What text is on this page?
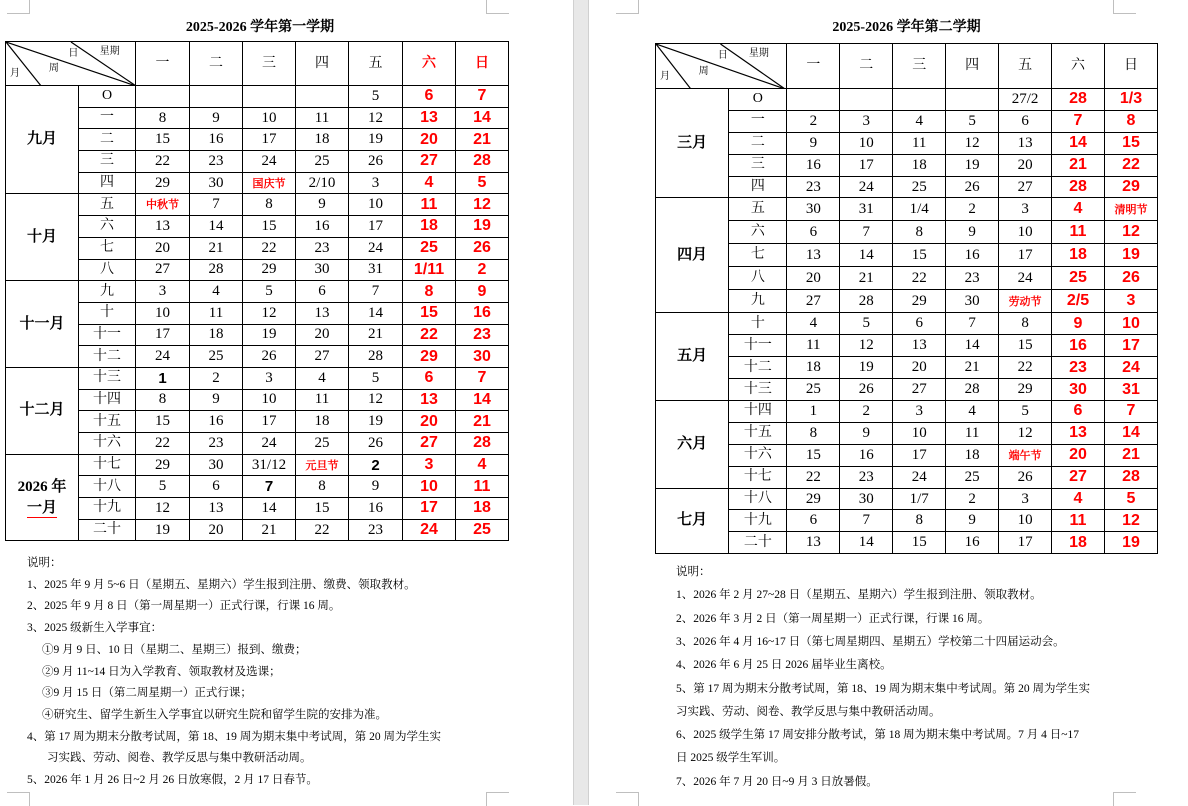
2025-2026 学年第一学期
月 周
日 星期		一	二	三	四	五	六	日

九月	O					5	6	7
	一	8	9	10	11	12	13	14
	二	15	16	17	18	19	20	21
	三	22	23	24	25	26	27	28
	四	29	30	国庆节	2/10	3	4	5

十月	五	中秋节	7	8	9	10	11	12
	六	13	14	15	16	17	18	19
	七	20	21	22	23	24	25	26
	八	27	28	29	30	31	1/11	2

十一月	九	3	4	5	6	7	8	9
	十	10	11	12	13	14	15	16
	十一	17	18	19	20	21	22	23
	十二	24	25	26	27	28	29	30

十二月	十三	1	2	3	4	5	6	7
	十四	8	9	10	11	12	13	14
	十五	15	16	17	18	19	20	21
	十六	22	23	24	25	26	27	28

2026 年
一月	十七	29	30	31/12	元旦节	2	3	4
	十八	5	6	7	8	9	10	11
	十九	12	13	14	15	16	17	18
	二十	19	20	21	22	23	24	25
说明：
1、2025 年 9 月 5~6 日（星期五、星期六）学生报到注册、缴费、领取教材。
2、2025 年 9 月 8 日（第一周星期一）正式行课，行课 16 周。
3、2025 级新生入学事宜：
①9 月 9 日、10 日（星期二、星期三）报到、缴费；
②9 月 11~14 日为入学教育、领取教材及选课；
③9 月 15 日（第二周星期一）正式行课；
④研究生、留学生新生入学事宜以研究生院和留学生院的安排为准。
4、第 17 周为期末分散考试周，第 18、19 周为期末集中考试周，第 20 周为学生实
习实践、劳动、阅卷、教学反思与集中教研活动周。
5、2026 年 1 月 26 日~2 月 26 日放寒假，2 月 17 日春节。
2025-2026 学年第二学期
月 周
日 星期		一	二	三	四	五	六	日

三月	O					27/2	28	1/3
	一	2	3	4	5	6	7	8
	二	9	10	11	12	13	14	15
	三	16	17	18	19	20	21	22
	四	23	24	25	26	27	28	29

四月	五	30	31	1/4	2	3	4	清明节
	六	6	7	8	9	10	11	12
	七	13	14	15	16	17	18	19
	八	20	21	22	23	24	25	26
	九	27	28	29	30	劳动节	2/5	3

五月	十	4	5	6	7	8	9	10
	十一	11	12	13	14	15	16	17
	十二	18	19	20	21	22	23	24
	十三	25	26	27	28	29	30	31

六月	十四	1	2	3	4	5	6	7
	十五	8	9	10	11	12	13	14
	十六	15	16	17	18	端午节	20	21
	十七	22	23	24	25	26	27	28

七月	十八	29	30	1/7	2	3	4	5
	十九	6	7	8	9	10	11	12
	二十	13	14	15	16	17	18	19
说明：
1、2026 年 2 月 27~28 日（星期五、星期六）学生报到注册、领取教材。
2、2026 年 3 月 2 日（第一周星期一）正式行课，行课 16 周。
3、2026 年 4 月 16~17 日（第七周星期四、星期五）学校第二十四届运动会。
4、2026 年 6 月 25 日 2026 届毕业生离校。
5、第 17 周为期末分散考试周，第 18、19 周为期末集中考试周。第 20 周为学生实
习实践、劳动、阅卷、教学反思与集中教研活动周。
6、2025 级学生第 17 周安排分散考试，第 18 周为期末集中考试周。7 月 4 日~17
日 2025 级学生军训。
7、2026 年 7 月 20 日~9 月 3 日放暑假。
